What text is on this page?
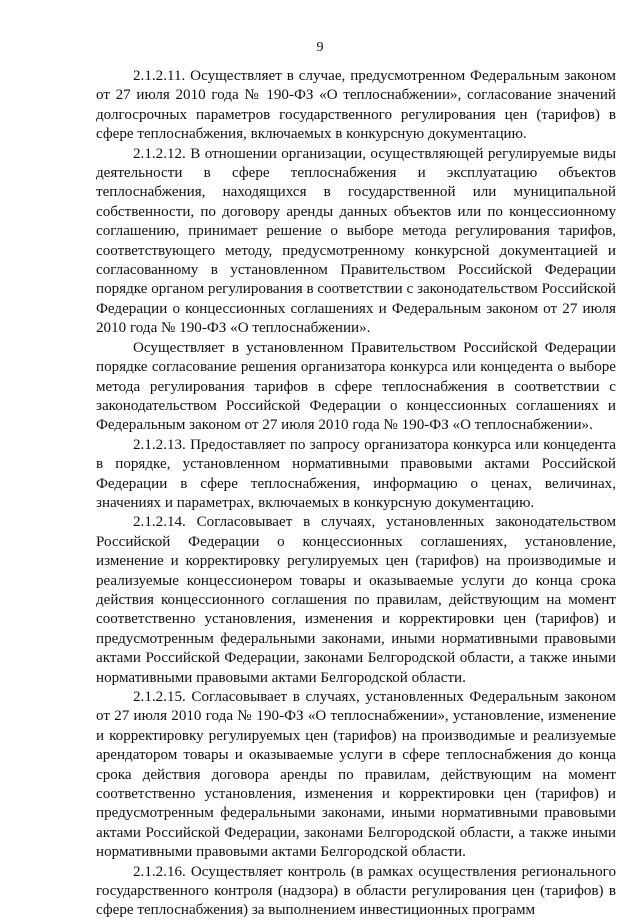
9

2.1.2.11. Осуществляет в случае, предусмотренном Федеральным законом от 27 июля 2010 года № 190-ФЗ «О теплоснабжении», согласование значений долгосрочных параметров государственного регулирования цен (тарифов) в сфере теплоснабжения, включаемых в конкурсную документацию.

2.1.2.12. В отношении организации, осуществляющей регулируемые виды деятельности в сфере теплоснабжения и эксплуатацию объектов теплоснабжения, находящихся в государственной или муниципальной собственности, по договору аренды данных объектов или по концессионному соглашению, принимает решение о выборе метода регулирования тарифов, соответствующего методу, предусмотренному конкурсной документацией и согласованному в установленном Правительством Российской Федерации порядке органом регулирования в соответствии с законодательством Российской Федерации о концессионных соглашениях и Федеральным законом от 27 июля 2010 года № 190-ФЗ «О теплоснабжении».

Осуществляет в установленном Правительством Российской Федерации порядке согласование решения организатора конкурса или концедента о выборе метода регулирования тарифов в сфере теплоснабжения в соответствии с законодательством Российской Федерации о концессионных соглашениях и Федеральным законом от 27 июля 2010 года № 190-ФЗ «О теплоснабжении».

2.1.2.13. Предоставляет по запросу организатора конкурса или концедента в порядке, установленном нормативными правовыми актами Российской Федерации в сфере теплоснабжения, информацию о ценах, величинах, значениях и параметрах, включаемых в конкурсную документацию.

2.1.2.14. Согласовывает в случаях, установленных законодательством Российской Федерации о концессионных соглашениях, установление, изменение и корректировку регулируемых цен (тарифов) на производимые и реализуемые концессионером товары и оказываемые услуги до конца срока действия концессионного соглашения по правилам, действующим на момент соответственно установления, изменения и корректировки цен (тарифов) и предусмотренным федеральными законами, иными нормативными правовыми актами Российской Федерации, законами Белгородской области, а также иными нормативными правовыми актами Белгородской области.

2.1.2.15. Согласовывает в случаях, установленных Федеральным законом от 27 июля 2010 года № 190-ФЗ «О теплоснабжении», установление, изменение и корректировку регулируемых цен (тарифов) на производимые и реализуемые арендатором товары и оказываемые услуги в сфере теплоснабжения до конца срока действия договора аренды по правилам, действующим на момент соответственно установления, изменения и корректировки цен (тарифов) и предусмотренным федеральными законами, иными нормативными правовыми актами Российской Федерации, законами Белгородской области, а также иными нормативными правовыми актами Белгородской области.

2.1.2.16. Осуществляет контроль (в рамках осуществления регионального государственного контроля (надзора) в области регулирования цен (тарифов) в сфере теплоснабжения) за выполнением инвестиционных программ
